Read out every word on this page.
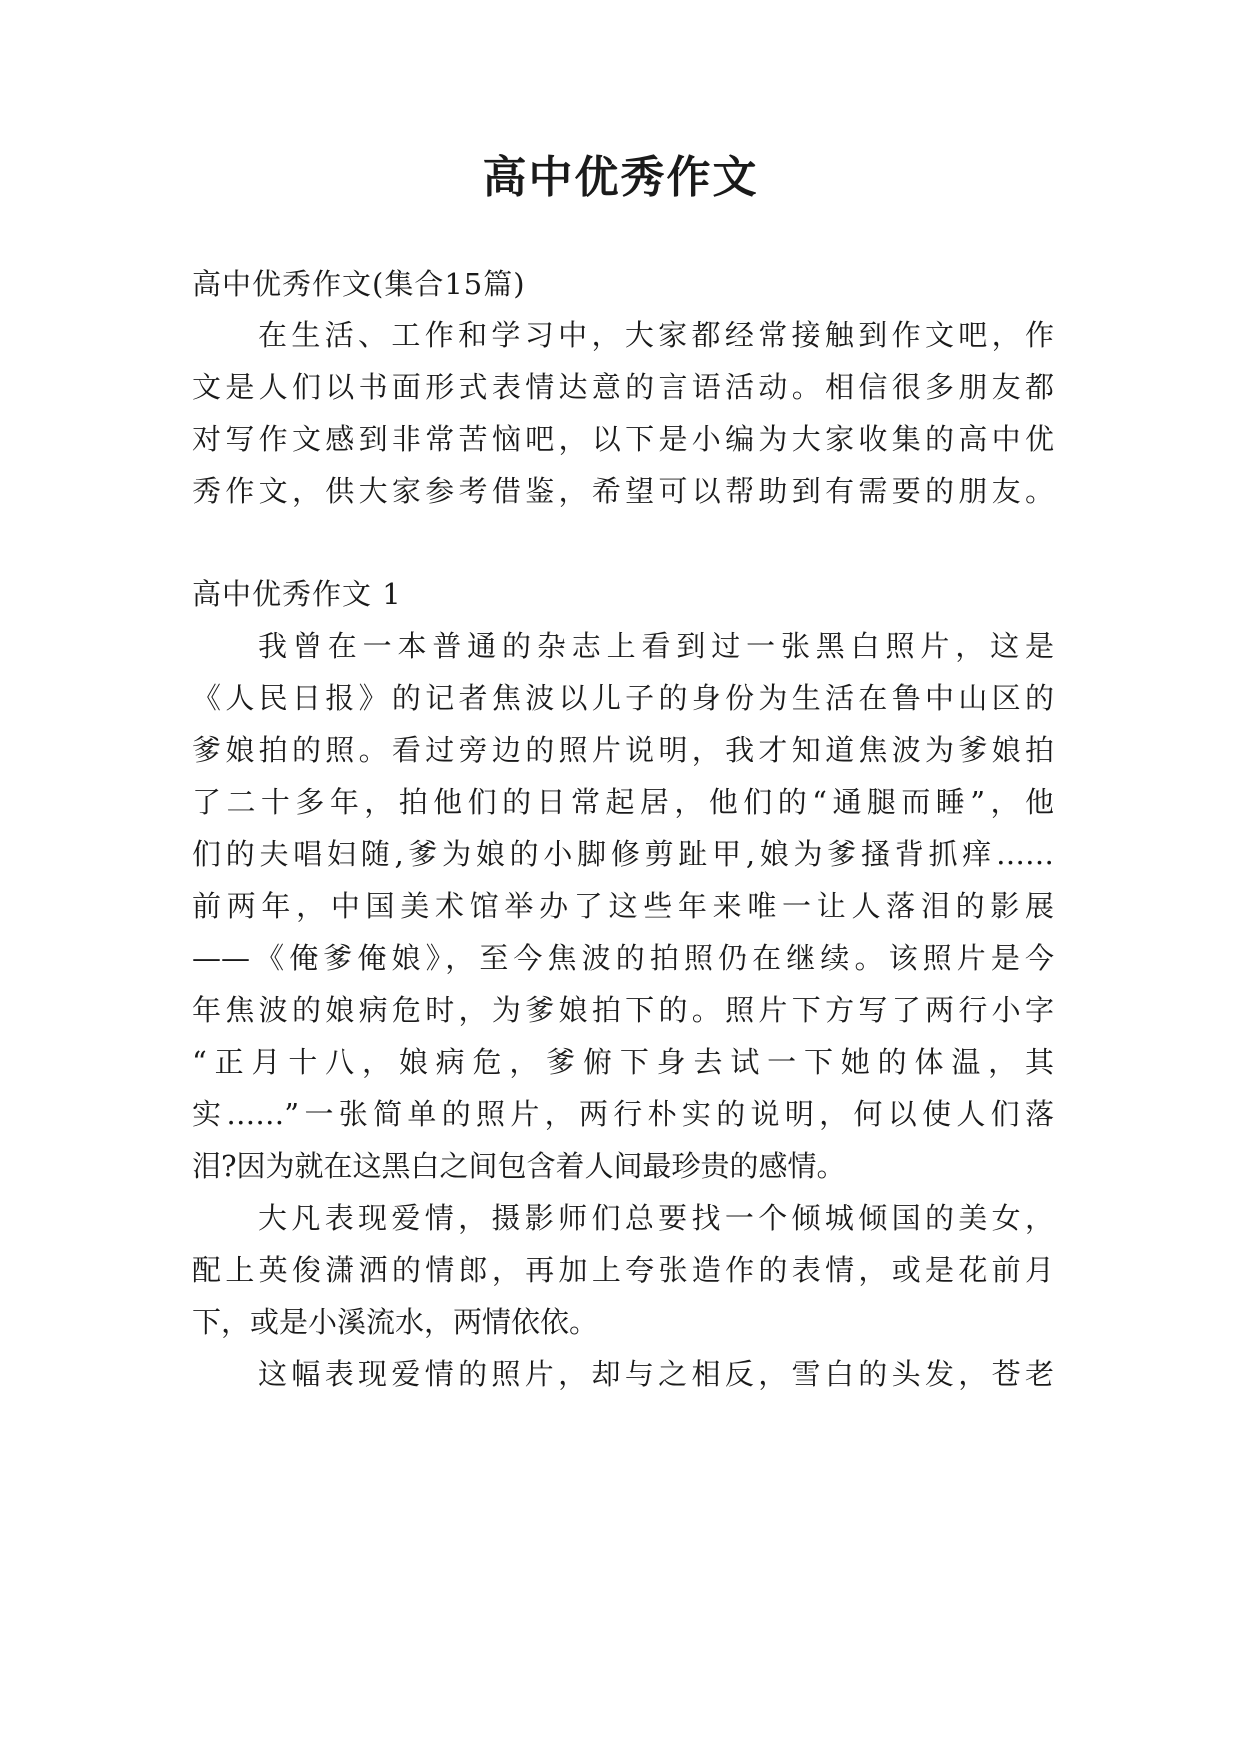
高中优秀作文
高中优秀作文(集合15篇)
在生活、工作和学习中，大家都经常接触到作文吧，作
文是人们以书面形式表情达意的言语活动。相信很多朋友都
对写作文感到非常苦恼吧，以下是小编为大家收集的高中优
秀作文，供大家参考借鉴，希望可以帮助到有需要的朋友。
高中优秀作文 1
我曾在一本普通的杂志上看到过一张黑白照片，这是
《人民日报》的记者焦波以儿子的身份为生活在鲁中山区的
爹娘拍的照。看过旁边的照片说明，我才知道焦波为爹娘拍
了二十多年，拍他们的日常起居，他们的“通腿而睡”，他
们的夫唱妇随,爹为娘的小脚修剪趾甲,娘为爹搔背抓痒……
前两年，中国美术馆举办了这些年来唯一让人落泪的影展
——《俺爹俺娘》，至今焦波的拍照仍在继续。该照片是今
年焦波的娘病危时，为爹娘拍下的。照片下方写了两行小字
“正月十八，娘病危，爹俯下身去试一下她的体温，其
实……”一张简单的照片，两行朴实的说明，何以使人们落
泪?因为就在这黑白之间包含着人间最珍贵的感情。
大凡表现爱情，摄影师们总要找一个倾城倾国的美女，
配上英俊潇洒的情郎，再加上夸张造作的表情，或是花前月
下，或是小溪流水，两情依依。
这幅表现爱情的照片，却与之相反，雪白的头发，苍老
